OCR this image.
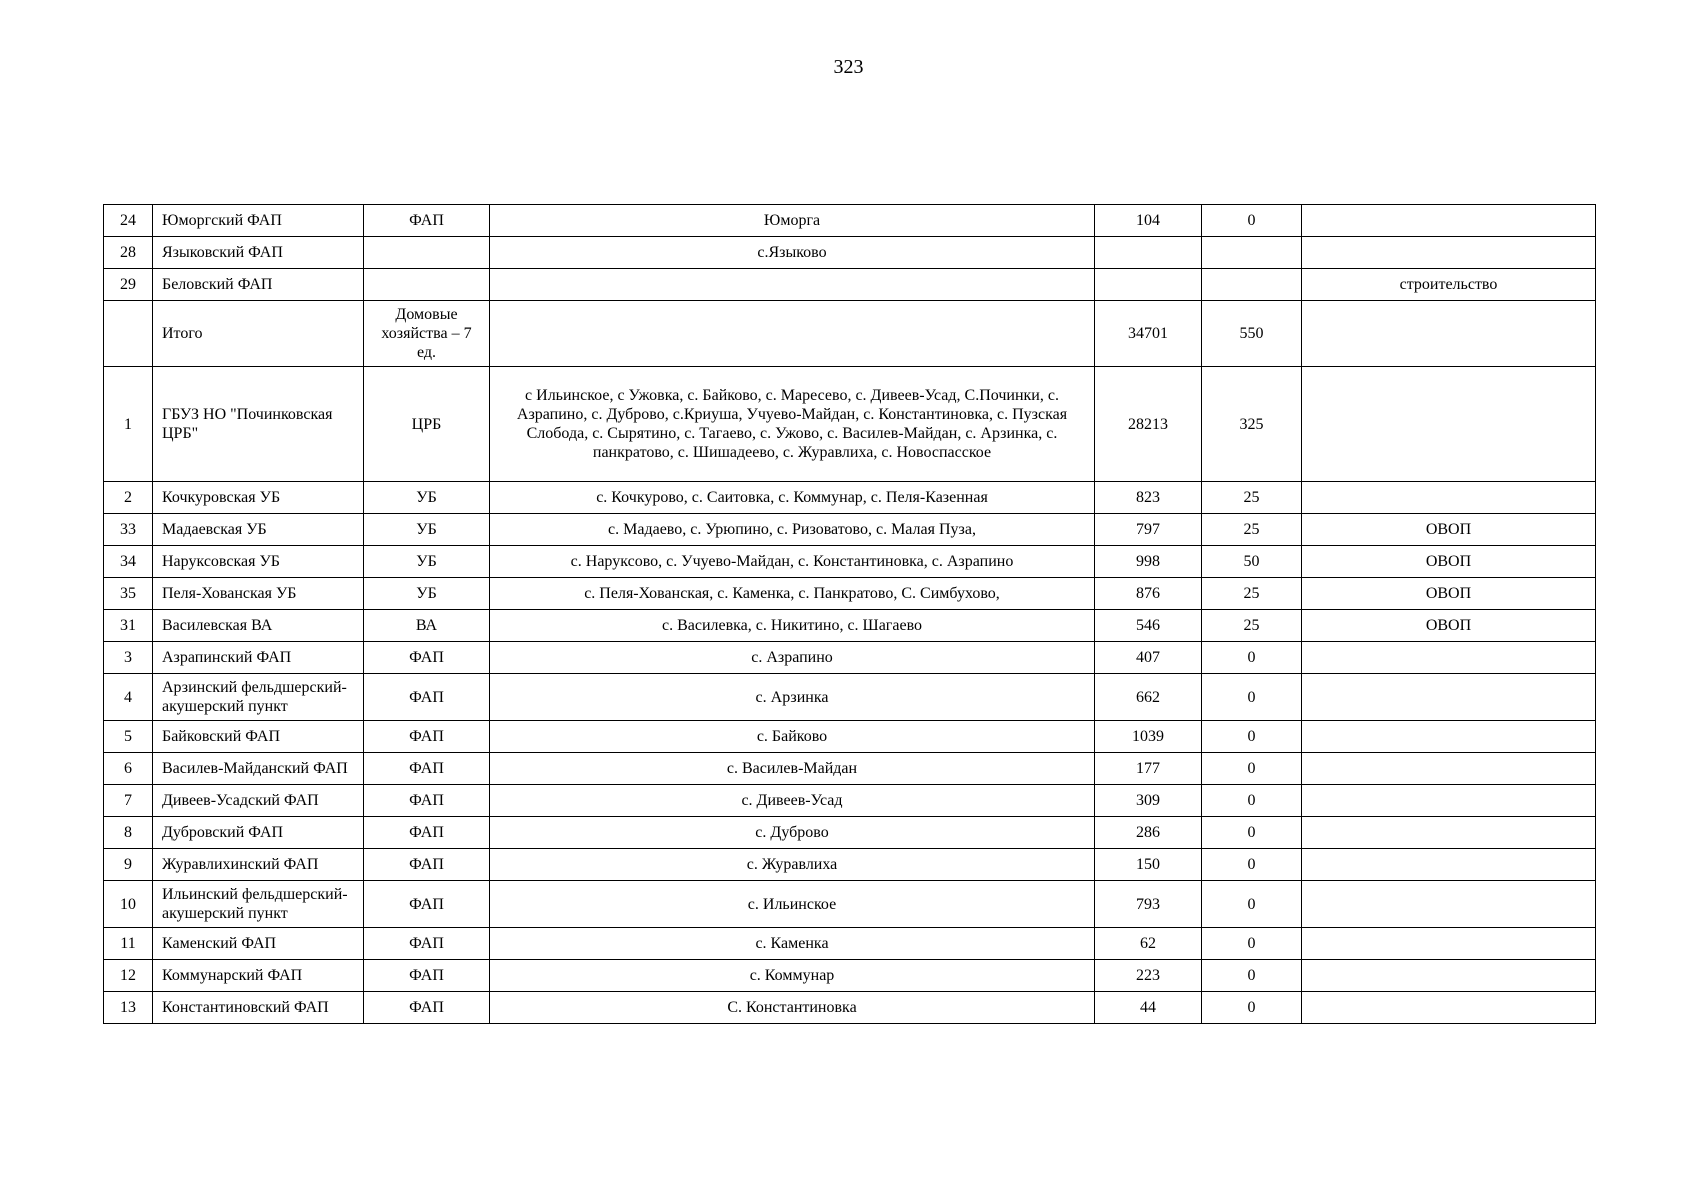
323
24	Юморгский ФАП	ФАП	Юморга	104	0	
28	Языковский ФАП		с.Языково			
29	Беловский ФАП					строительство
	Итого	Домовые хозяйства – 7 ед.		34701	550	
1	ГБУЗ НО "Починковская ЦРБ"	ЦРБ	с Ильинское, с Ужовка, с. Байково, с. Маресево, с. Дивеев-Усад, С.Починки, с. Азрапино, с. Дуброво, с.Криуша, Учуево-Майдан, с. Константиновка, с. Пузская Слобода, с. Сырятино, с. Тагаево, с. Ужово, с. Василев-Майдан, с. Арзинка, с. панкратово, с. Шишадеево, с. Журавлиха, с. Новоспасское	28213	325	
2	Кочкуровская УБ	УБ	с. Кочкурово, с. Саитовка, с. Коммунар, с. Пеля-Казенная	823	25	
33	Мадаевская УБ	УБ	с. Мадаево, с. Урюпино, с. Ризоватово, с. Малая Пуза,	797	25	ОВОП
34	Наруксовская УБ	УБ	с. Наруксово, с. Учуево-Майдан, с. Константиновка, с. Азрапино	998	50	ОВОП
35	Пеля-Хованская УБ	УБ	с. Пеля-Хованская, с. Каменка, с. Панкратово, С. Симбухово,	876	25	ОВОП
31	Василевская ВА	ВА	с. Василевка, с. Никитино, с. Шагаево	546	25	ОВОП
3	Азрапинский ФАП	ФАП	с. Азрапино	407	0	
4	Арзинский фельдшерский-акушерский пункт	ФАП	с. Арзинка	662	0	
5	Байковский ФАП	ФАП	с. Байково	1039	0	
6	Василев-Майданский ФАП	ФАП	с. Василев-Майдан	177	0	
7	Дивеев-Усадский ФАП	ФАП	с. Дивеев-Усад	309	0	
8	Дубровский ФАП	ФАП	с. Дуброво	286	0	
9	Журавлихинский ФАП	ФАП	с. Журавлиха	150	0	
10	Ильинский фельдшерский-акушерский пункт	ФАП	с. Ильинское	793	0	
11	Каменский ФАП	ФАП	с. Каменка	62	0	
12	Коммунарский ФАП	ФАП	с. Коммунар	223	0	
13	Константиновский ФАП	ФАП	С. Константиновка	44	0	
